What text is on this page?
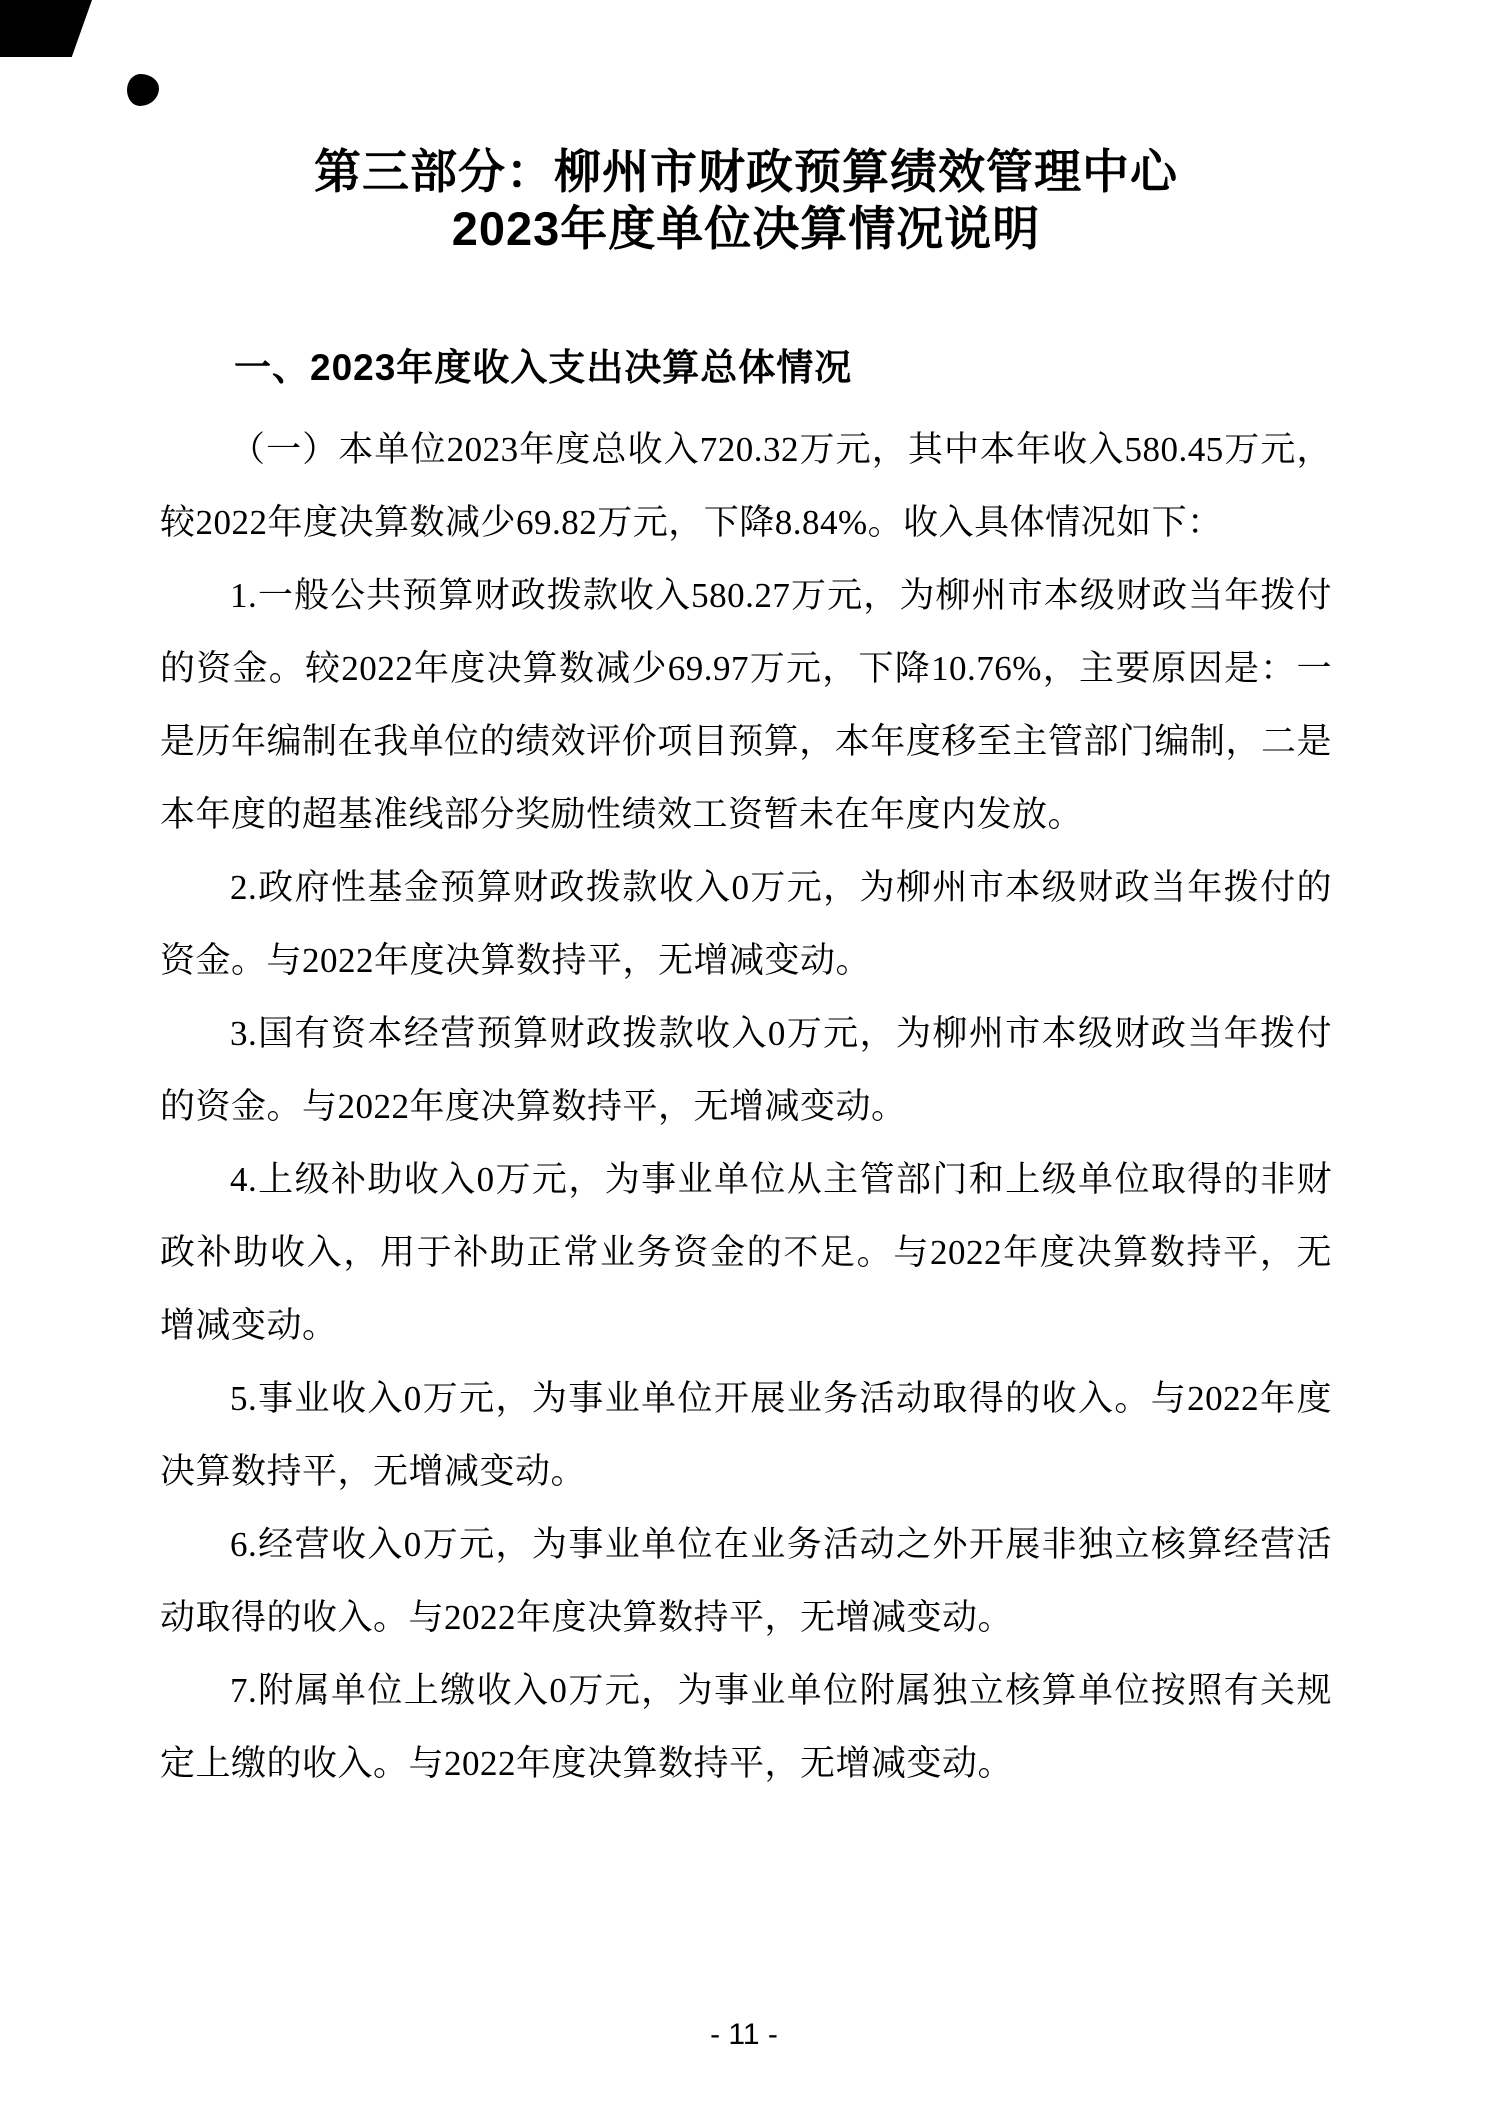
第三部分：柳州市财政预算绩效管理中心
2023年度单位决算情况说明
一、2023年度收入支出决算总体情况

（一）本单位2023年度总收入720.32万元，其中本年收入580.45万元，较2022年度决算数减少69.82万元，下降8.84%。收入具体情况如下：

1.一般公共预算财政拨款收入580.27万元，为柳州市本级财政当年拨付的资金。较2022年度决算数减少69.97万元，下降10.76%，主要原因是：一是历年编制在我单位的绩效评价项目预算，本年度移至主管部门编制，二是本年度的超基准线部分奖励性绩效工资暂未在年度内发放。

2.政府性基金预算财政拨款收入0万元，为柳州市本级财政当年拨付的资金。与2022年度决算数持平，无增减变动。

3.国有资本经营预算财政拨款收入0万元，为柳州市本级财政当年拨付的资金。与2022年度决算数持平，无增减变动。

4.上级补助收入0万元，为事业单位从主管部门和上级单位取得的非财政补助收入，用于补助正常业务资金的不足。与2022年度决算数持平，无增减变动。

5.事业收入0万元，为事业单位开展业务活动取得的收入。与2022年度决算数持平，无增减变动。

6.经营收入0万元，为事业单位在业务活动之外开展非独立核算经营活动取得的收入。与2022年度决算数持平，无增减变动。

7.附属单位上缴收入0万元，为事业单位附属独立核算单位按照有关规定上缴的收入。与2022年度决算数持平，无增减变动。

- 11 -
